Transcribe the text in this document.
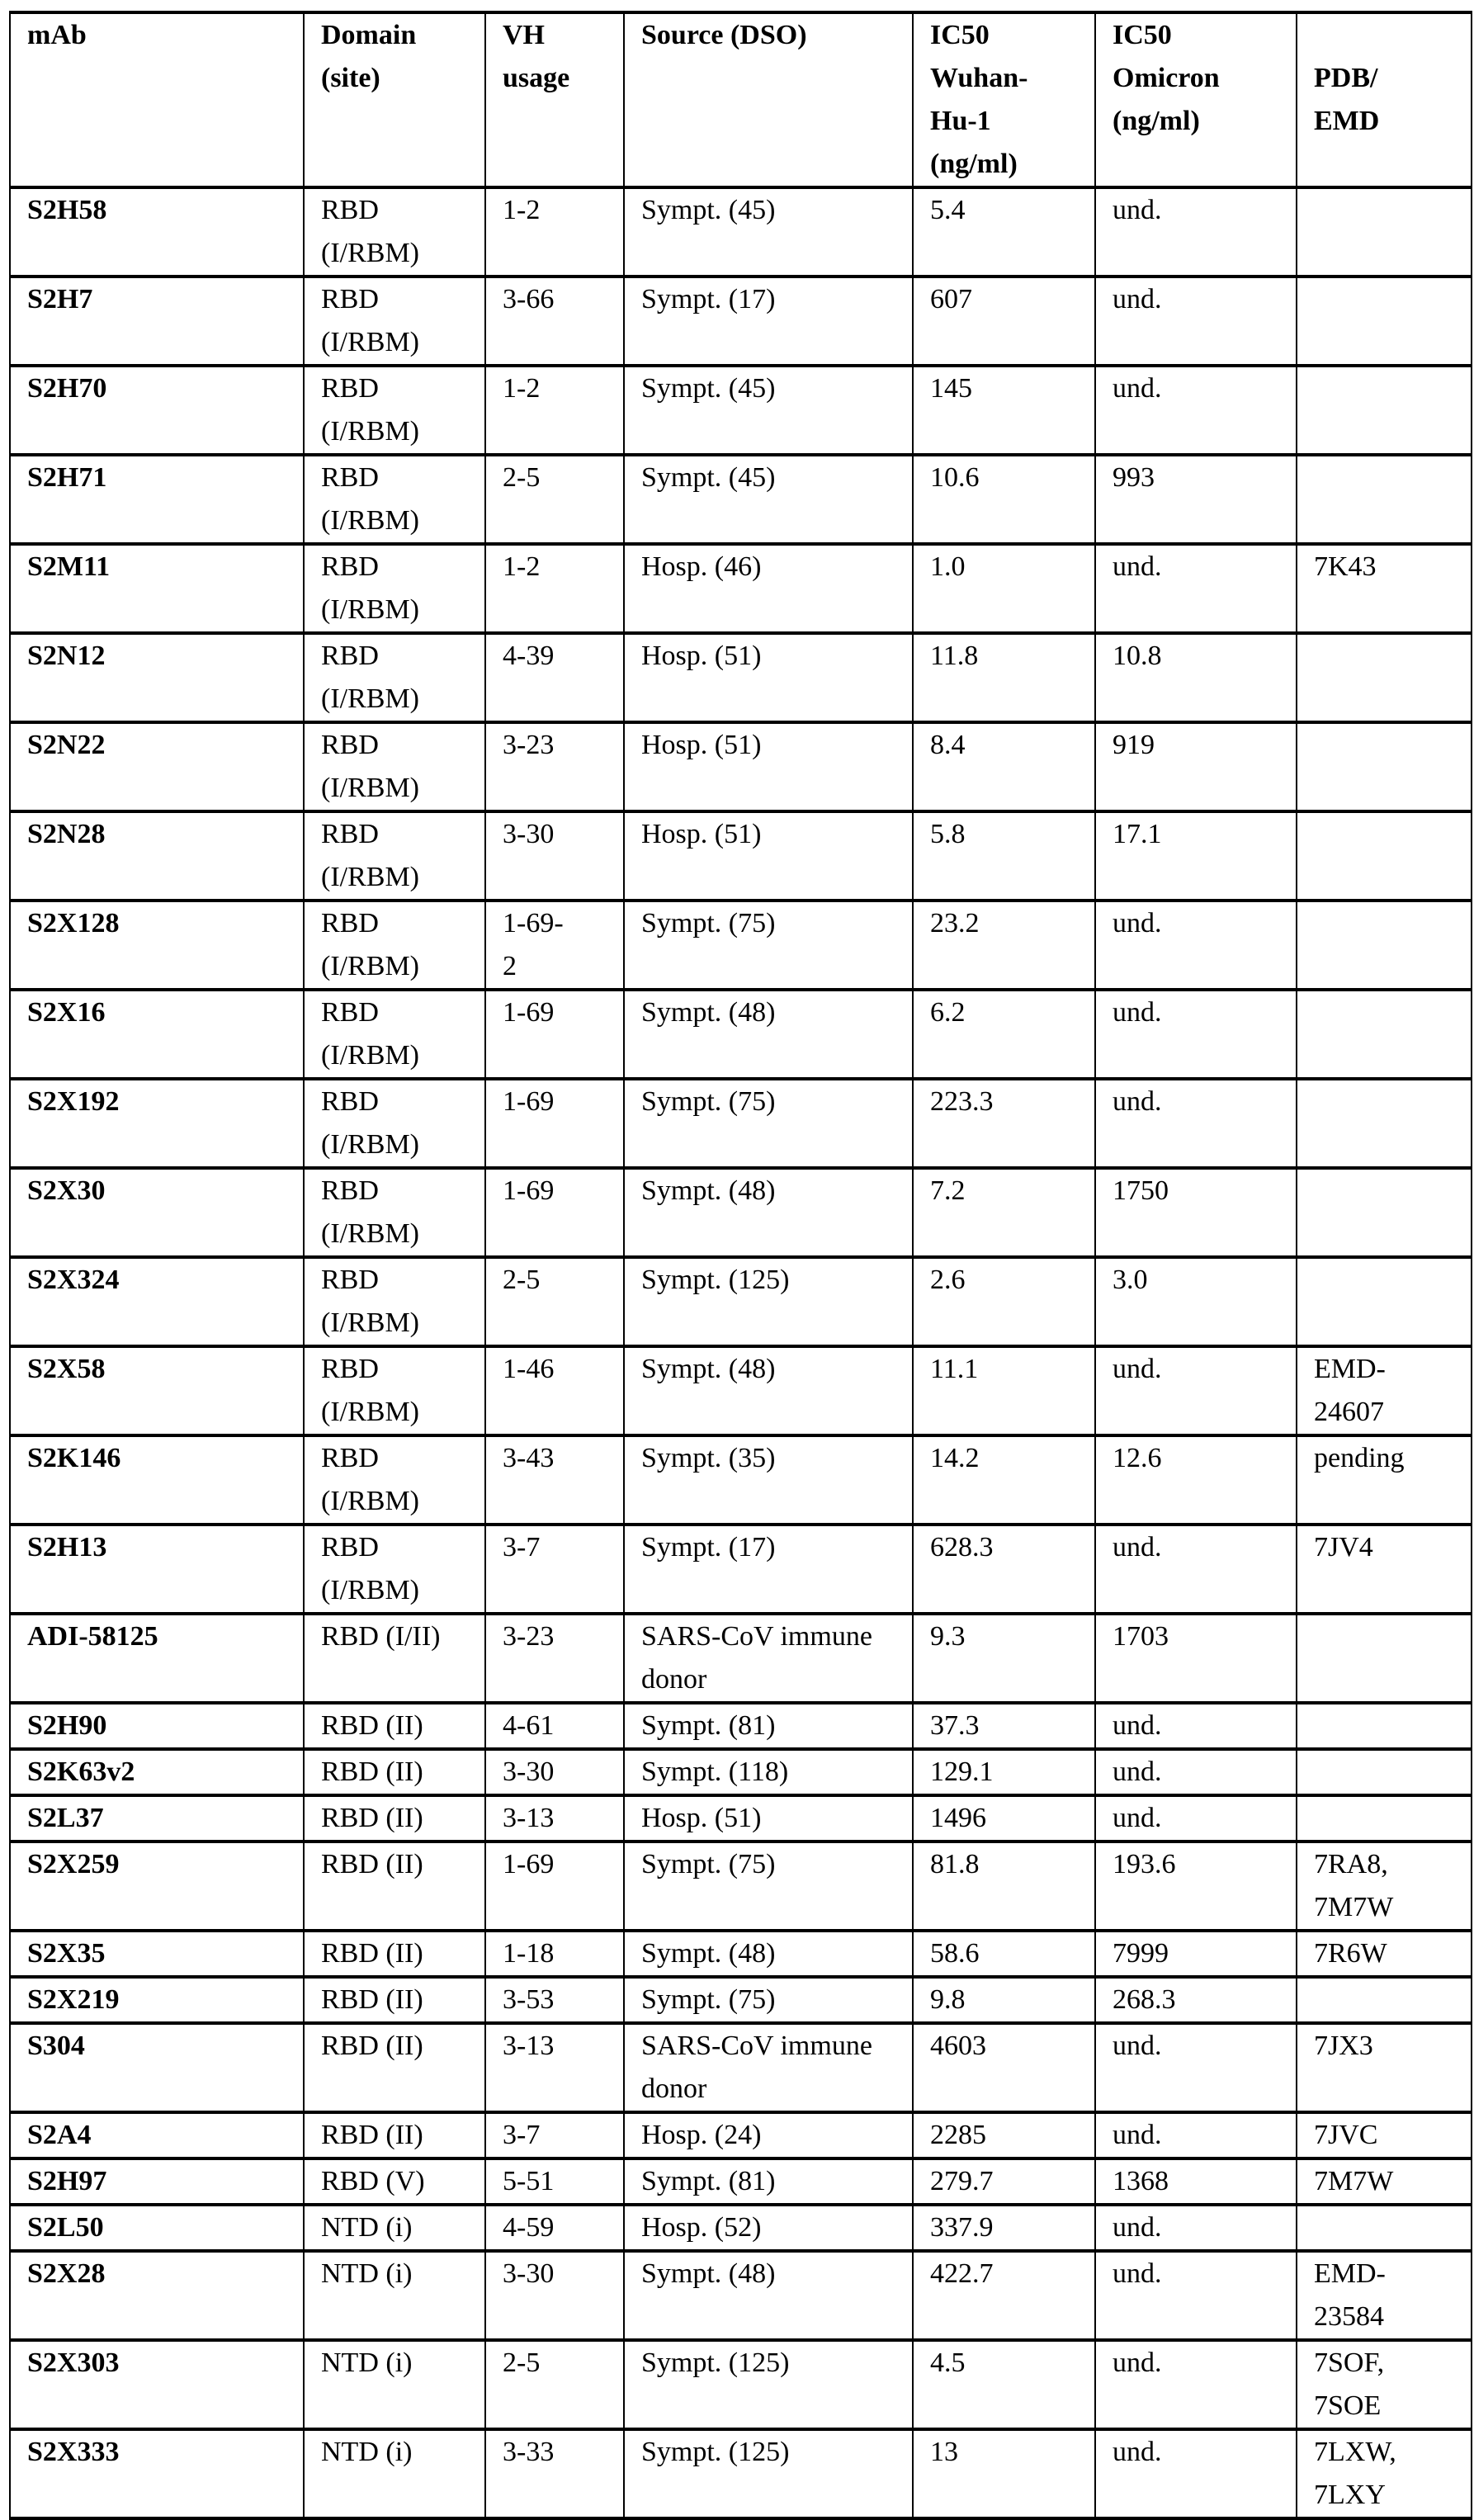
mAb	Domain (site)

VH usage

Source (DSO)	IC50 Wuhan-Hu-1 (ng/ml)

IC50 Omicron (ng/ml)

PDB/ EMD

S2H58	RBD (I/RBM)	1-2	Sympt. (45)	5.4	und.	
S2H7	RBD (I/RBM)	3-66	Sympt. (17)	607	und.	
S2H70	RBD (I/RBM)	1-2	Sympt. (45)	145	und.	
S2H71	RBD (I/RBM)	2-5	Sympt. (45)	10.6	993	
S2M11	RBD (I/RBM)	1-2	Hosp. (46)	1.0	und.	7K43
S2N12	RBD (I/RBM)	4-39	Hosp. (51)	11.8	10.8	
S2N22	RBD (I/RBM)	3-23	Hosp. (51)	8.4	919	
S2N28	RBD (I/RBM)	3-30	Hosp. (51)	5.8	17.1	
S2X128	RBD (I/RBM)	1-69-2	Sympt. (75)	23.2	und.	
S2X16	RBD (I/RBM)	1-69	Sympt. (48)	6.2	und.	
S2X192	RBD (I/RBM)	1-69	Sympt. (75)	223.3	und.	
S2X30	RBD (I/RBM)	1-69	Sympt. (48)	7.2	1750	
S2X324	RBD (I/RBM)	2-5	Sympt. (125)	2.6	3.0	
S2X58	RBD (I/RBM)	1-46	Sympt. (48)	11.1	und.	EMD-24607
S2K146	RBD (I/RBM)	3-43	Sympt. (35)	14.2	12.6	pending
S2H13	RBD (I/RBM)	3-7	Sympt. (17)	628.3	und.	7JV4
ADI-58125	RBD (I/II)	3-23	SARS-CoV immune donor	9.3	1703	
S2H90	RBD (II)	4-61	Sympt. (81)	37.3	und.	
S2K63v2	RBD (II)	3-30	Sympt. (118)	129.1	und.	
S2L37	RBD (II)	3-13	Hosp. (51)	1496	und.	
S2X259	RBD (II)	1-69	Sympt. (75)	81.8	193.6	7RA8, 7M7W
S2X35	RBD (II)	1-18	Sympt. (48)	58.6	7999	7R6W
S2X219	RBD (II)	3-53	Sympt. (75)	9.8	268.3	
S304	RBD (II)	3-13	SARS-CoV immune donor	4603	und.	7JX3
S2A4	RBD (II)	3-7	Hosp. (24)	2285	und.	7JVC
S2H97	RBD (V)	5-51	Sympt. (81)	279.7	1368	7M7W
S2L50	NTD (i)	4-59	Hosp. (52)	337.9	und.	
S2X28	NTD (i)	3-30	Sympt. (48)	422.7	und.	EMD-23584
S2X303	NTD (i)	2-5	Sympt. (125)	4.5	und.	7SOF, 7SOE
S2X333	NTD (i)	3-33	Sympt. (125)	13	und.	7LXW, 7LXY
